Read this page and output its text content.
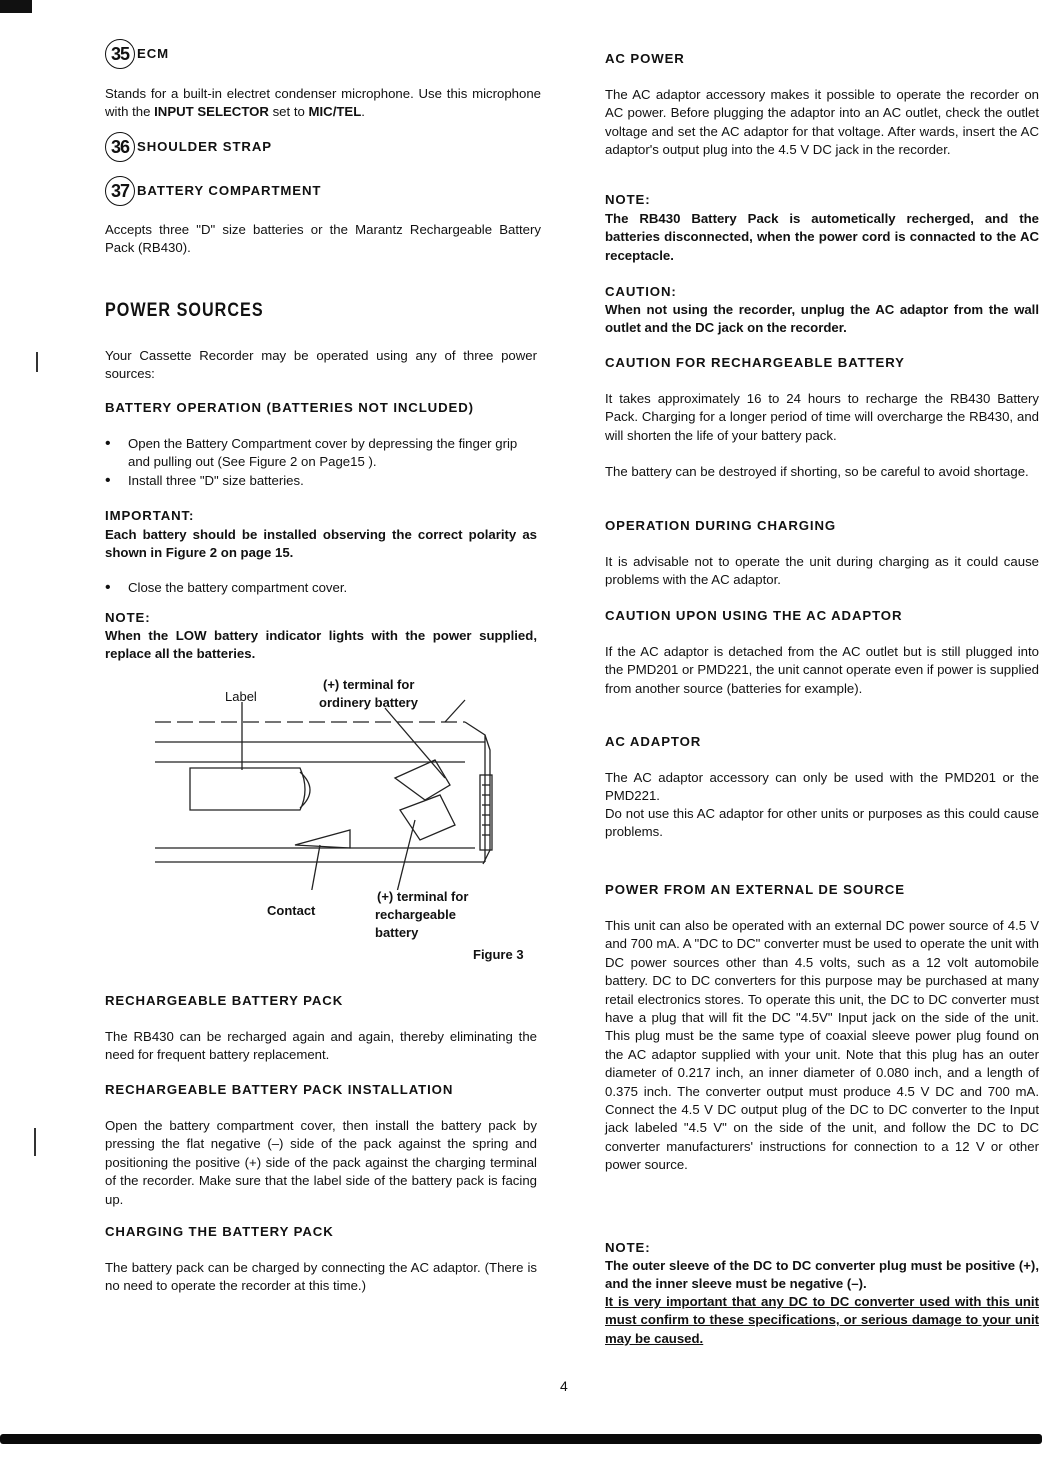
35 ECM

Stands for a built-in electret condenser microphone. Use this microphone with the INPUT SELECTOR set to MIC/TEL.

36 SHOULDER STRAP
37 BATTERY COMPARTMENT

Accepts three "D" size batteries or the Marantz Rechargeable Battery Pack (RB430).

POWER SOURCES

Your Cassette Recorder may be operated using any of three power sources:

BATTERY OPERATION (BATTERIES NOT INCLUDED)
• Open the Battery Compartment cover by depressing the finger grip and pulling out (See Figure 2 on Page15 ).
• Install three "D" size batteries.
IMPORTANT:

Each battery should be installed observing the correct polarity as shown in Figure 2 on page 15.

• Close the battery compartment cover.
NOTE:

When the LOW battery indicator lights with the power supplied, replace all the batteries.

Label
(+) terminal for
ordinery battery
Contact
(+) terminal for
rechargeable
battery
Figure 3
RECHARGEABLE BATTERY PACK

The RB430 can be recharged again and again, thereby eliminating the need for frequent battery replacement.

RECHARGEABLE BATTERY PACK INSTALLATION

Open the battery compartment cover, then install the battery pack by pressing the flat negative (–) side of the pack against the spring and positioning the positive (+) side of the pack against the charging terminal of the recorder. Make sure that the label side of the battery pack is facing up.

CHARGING THE BATTERY PACK

The battery pack can be charged by connecting the AC adaptor. (There is no need to operate the recorder at this time.)

AC POWER

The AC adaptor accessory makes it possible to operate the recorder on AC power. Before plugging the adaptor into an AC outlet, check the outlet voltage and set the AC adaptor for that voltage. After wards, insert the AC adaptor's output plug into the 4.5 V DC jack in the recorder.

NOTE:

The RB430 Battery Pack is autometically recherged, and the batteries disconnected, when the power cord is connacted to the AC receptacle.

CAUTION:

When not using the recorder, unplug the AC adaptor from the wall outlet and the DC jack on the recorder.

CAUTION FOR RECHARGEABLE BATTERY

It takes approximately 16 to 24 hours to recharge the RB430 Battery Pack. Charging for a longer period of time will overcharge the RB430, and will shorten the life of your battery pack.

The battery can be destroyed if shorting, so be careful to avoid shortage.

OPERATION DURING CHARGING

It is advisable not to operate the unit during charging as it could cause problems with the AC adaptor.

CAUTION UPON USING THE AC ADAPTOR

If the AC adaptor is detached from the AC outlet but is still plugged into the PMD201 or PMD221, the unit cannot operate even if power is supplied from another source (batteries for example).

AC ADAPTOR

The AC adaptor accessory can only be used with the PMD201 or the PMD221.

Do not use this AC adaptor for other units or purposes as this could cause problems.

POWER FROM AN EXTERNAL DE SOURCE

This unit can also be operated with an external DC power source of 4.5 V and 700 mA. A "DC to DC" converter must be used to operate the unit with DC power sources other than 4.5 volts, such as a 12 volt automobile battery. DC to DC converters for this purpose may be purchased at many retail electronics stores. To operate this unit, the DC to DC converter must have a plug that will fit the DC "4.5V" Input jack on the side of the unit. This plug must be the same type of coaxial sleeve power plug found on the AC adaptor supplied with your unit. Note that this plug has an outer diameter of 0.217 inch, an inner diameter of 0.080 inch, and a length of 0.375 inch. The converter output must produce 4.5 V DC and 700 mA. Connect the 4.5 V DC output plug of the DC to DC converter to the Input jack labeled "4.5 V" on the side of the unit, and follow the DC to DC converter manufacturers' instructions for connection to a 12 V or other power source.

NOTE:

The outer sleeve of the DC to DC converter plug must be positive (+), and the inner sleeve must be negative (–).

It is very important that any DC to DC converter used with this unit must confirm to these specifications, or serious damage to your unit may be caused.

4
